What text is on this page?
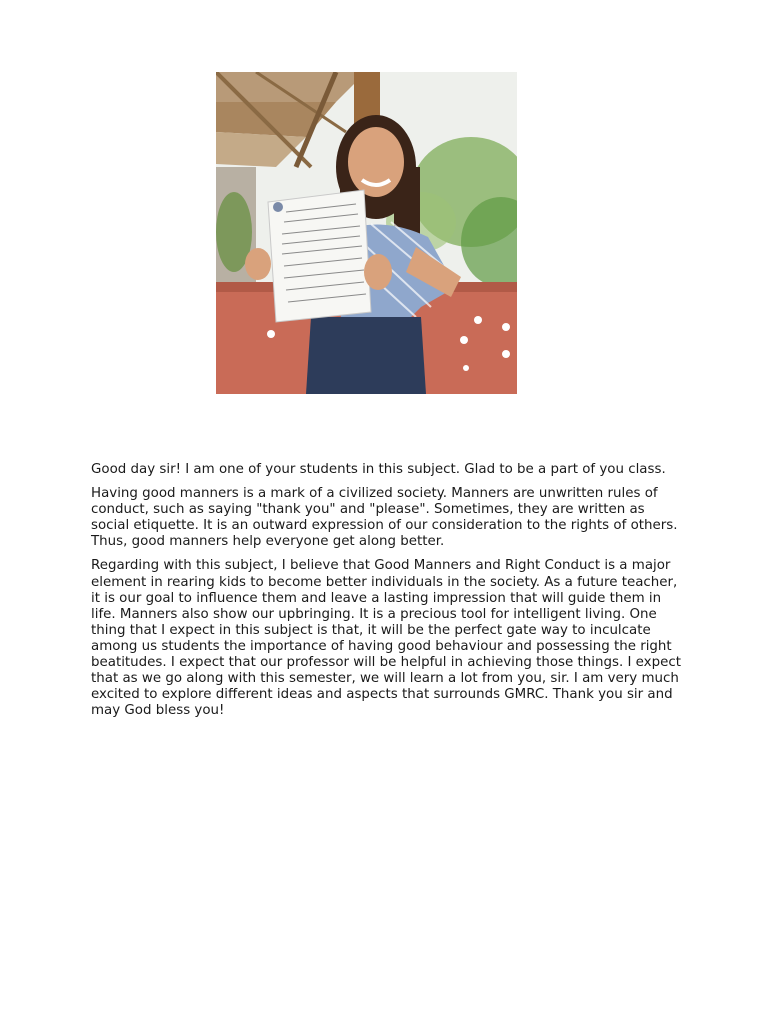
Good day sir! I am one of your students in this subject. Glad to be a part of you class.

Having good manners is a mark of a civilized society. Manners are unwritten rules of conduct, such as saying "thank you" and "please". Sometimes, they are written as social etiquette. It is an outward expression of our consideration to the rights of others. Thus, good manners help everyone get along better.

Regarding with this subject, I believe that Good Manners and Right Conduct is a major element in rearing kids to become better individuals in the society. As a future teacher, it is our goal to influence them and leave a lasting impression that will guide them in life. Manners also show our upbringing. It is a precious tool for intelligent living. One thing that I expect in this subject is that, it will be the perfect gate way to inculcate among us students the importance of having good behaviour and possessing the right beatitudes. I expect that our professor will be helpful in achieving those things. I expect that as we go along with this semester, we will learn a lot from you, sir. I am very much excited to explore different ideas and aspects that surrounds GMRC. Thank you sir and may God bless you!
